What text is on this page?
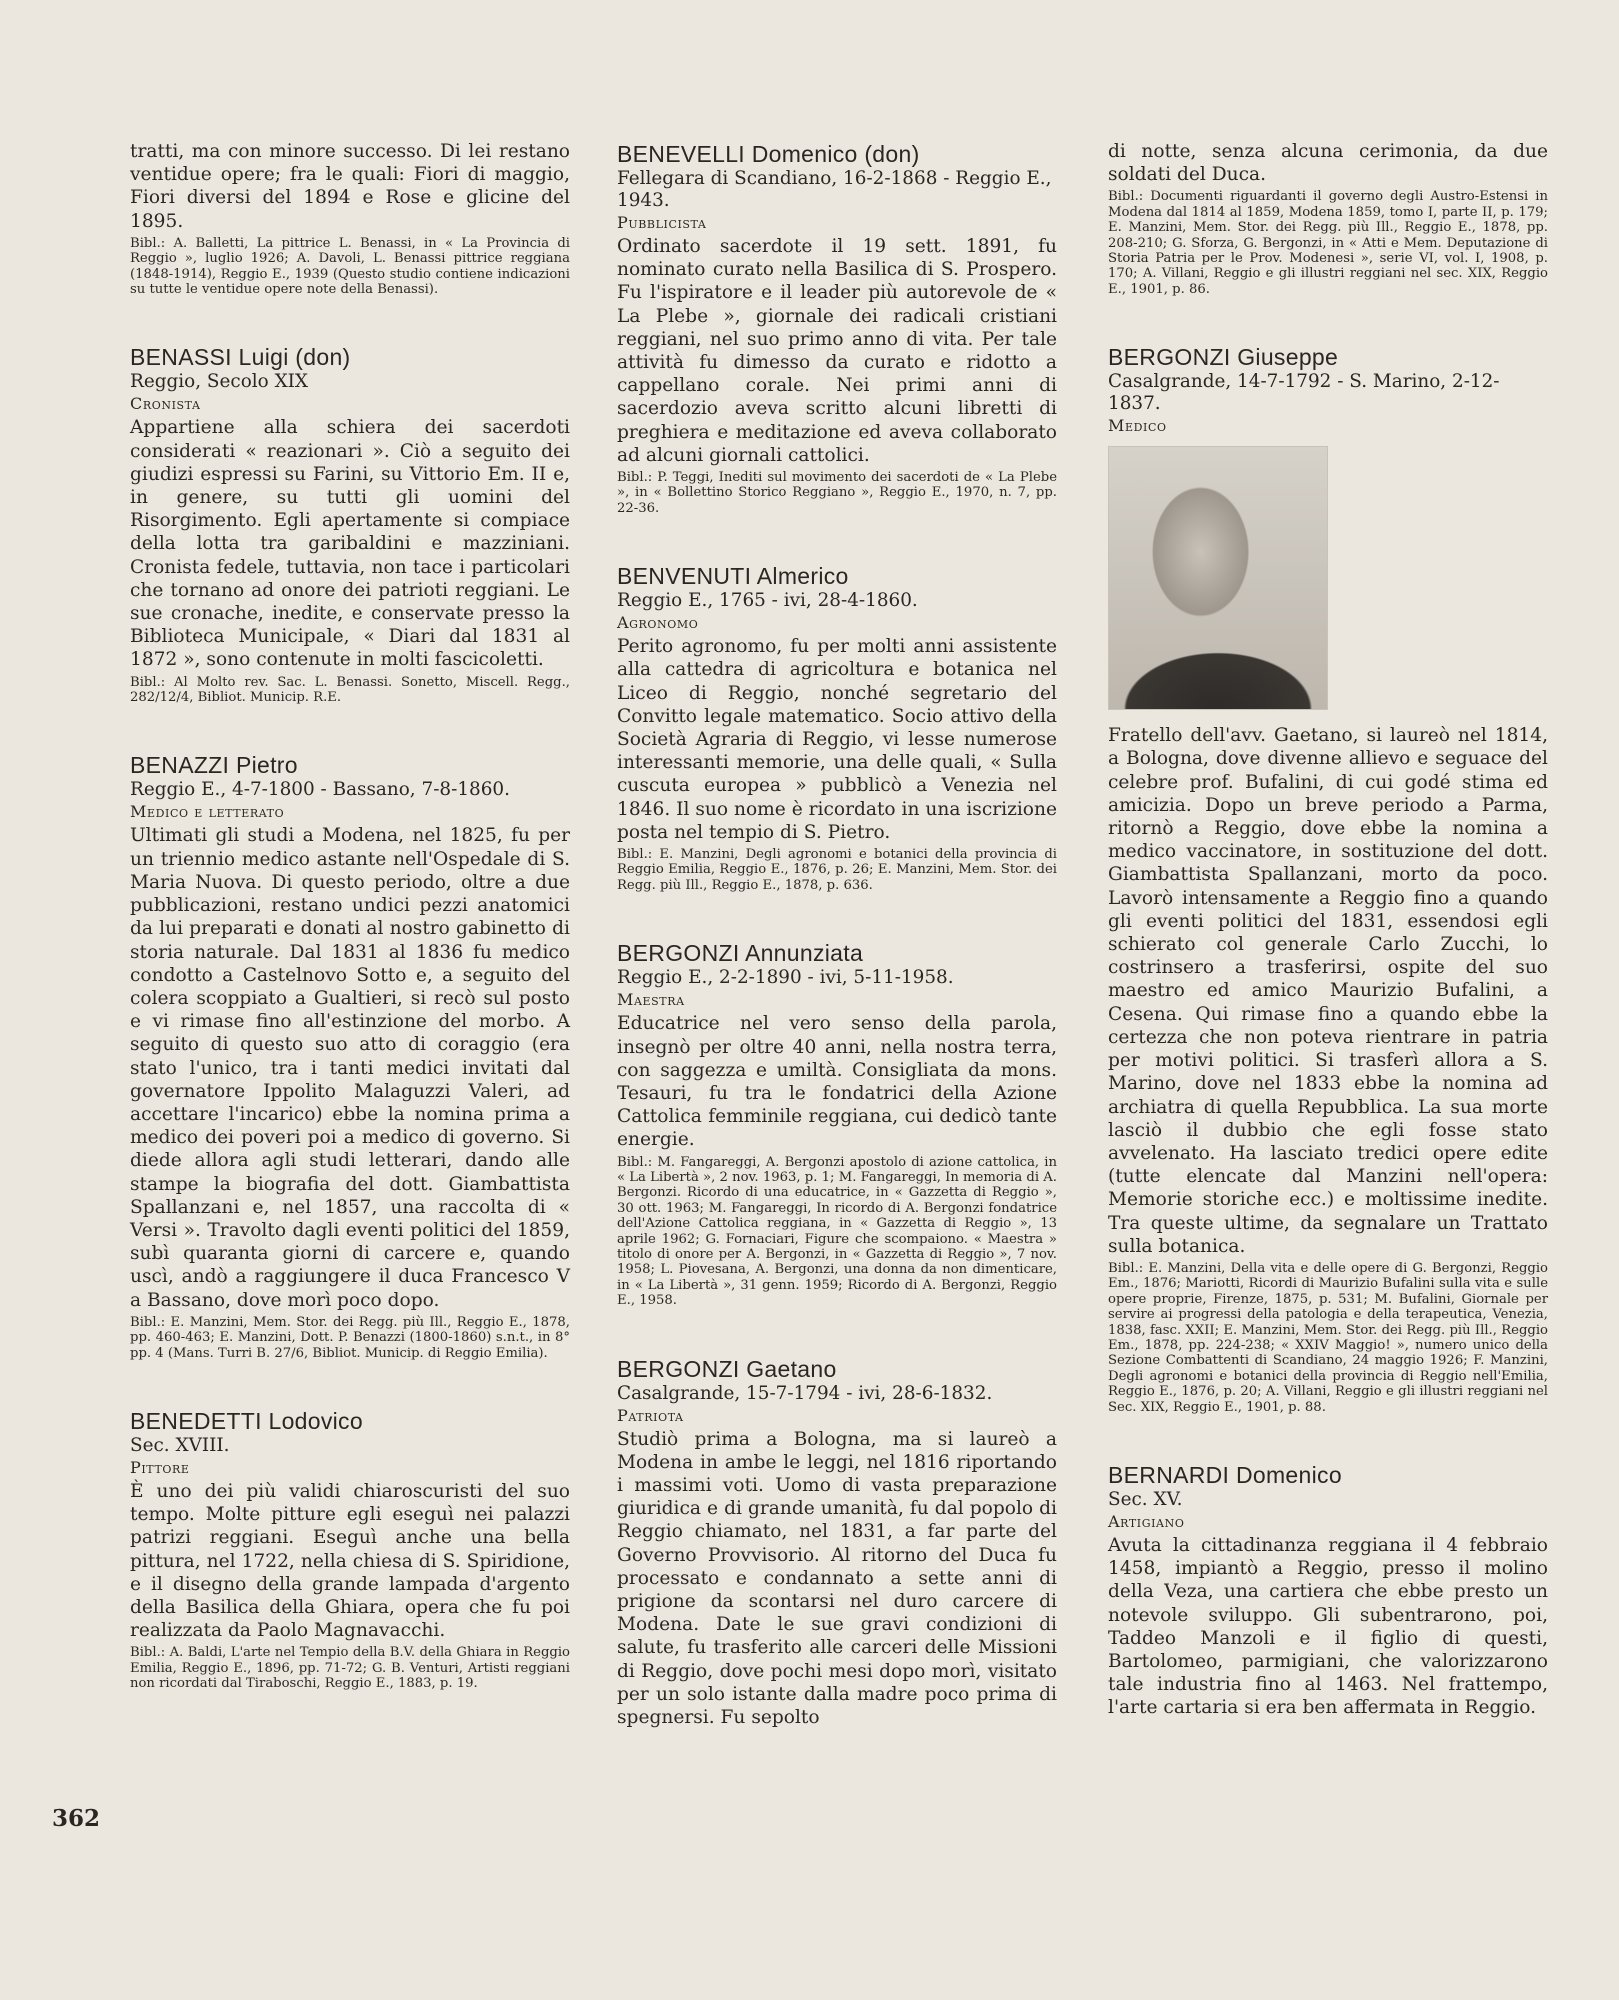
tratti, ma con minore successo. Di lei restano ventidue opere; fra le quali: Fiori di maggio, Fiori diversi del 1894 e Rose e glicine del 1895.

Bibl.: A. Balletti, La pittrice L. Benassi, in « La Provincia di Reggio », luglio 1926; A. Davoli, L. Benassi pittrice reggiana (1848-1914), Reggio E., 1939 (Questo studio contiene indicazioni su tutte le ventidue opere note della Benassi).

BENASSI Luigi (don)

Reggio, Secolo XIX

Cronista

Appartiene alla schiera dei sacerdoti considerati « reazionari ». Ciò a seguito dei giudizi espressi su Farini, su Vittorio Em. II e, in genere, su tutti gli uomini del Risorgimento. Egli apertamente si compiace della lotta tra garibaldini e mazziniani. Cronista fedele, tuttavia, non tace i particolari che tornano ad onore dei patrioti reggiani. Le sue cronache, inedite, e conservate presso la Biblioteca Municipale, « Diari dal 1831 al 1872 », sono contenute in molti fascicoletti.

Bibl.: Al Molto rev. Sac. L. Benassi. Sonetto, Miscell. Regg., 282/12/4, Bibliot. Municip. R.E.

BENAZZI Pietro

Reggio E., 4-7-1800 - Bassano, 7-8-1860.

Medico e letterato

Ultimati gli studi a Modena, nel 1825, fu per un triennio medico astante nell'Ospedale di S. Maria Nuova. Di questo periodo, oltre a due pubblicazioni, restano undici pezzi anatomici da lui preparati e donati al nostro gabinetto di storia naturale. Dal 1831 al 1836 fu medico condotto a Castelnovo Sotto e, a seguito del colera scoppiato a Gualtieri, si recò sul posto e vi rimase fino all'estinzione del morbo. A seguito di questo suo atto di coraggio (era stato l'unico, tra i tanti medici invitati dal governatore Ippolito Malaguzzi Valeri, ad accettare l'incarico) ebbe la nomina prima a medico dei poveri poi a medico di governo. Si diede allora agli studi letterari, dando alle stampe la biografia del dott. Giambattista Spallanzani e, nel 1857, una raccolta di « Versi ». Travolto dagli eventi politici del 1859, subì quaranta giorni di carcere e, quando uscì, andò a raggiungere il duca Francesco V a Bassano, dove morì poco dopo.

Bibl.: E. Manzini, Mem. Stor. dei Regg. più Ill., Reggio E., 1878, pp. 460-463; E. Manzini, Dott. P. Benazzi (1800-1860) s.n.t., in 8° pp. 4 (Mans. Turri B. 27/6, Bibliot. Municip. di Reggio Emilia).

BENEDETTI Lodovico

Sec. XVIII.

Pittore

È uno dei più validi chiaroscuristi del suo tempo. Molte pitture egli eseguì nei palazzi patrizi reggiani. Eseguì anche una bella pittura, nel 1722, nella chiesa di S. Spiridione, e il disegno della grande lampada d'argento della Basilica della Ghiara, opera che fu poi realizzata da Paolo Magnavacchi.

Bibl.: A. Baldi, L'arte nel Tempio della B.V. della Ghiara in Reggio Emilia, Reggio E., 1896, pp. 71-72; G. B. Venturi, Artisti reggiani non ricordati dal Tiraboschi, Reggio E., 1883, p. 19.

BENEVELLI Domenico (don)

Fellegara di Scandiano, 16-2-1868 - Reggio E., 1943.

Pubblicista

Ordinato sacerdote il 19 sett. 1891, fu nominato curato nella Basilica di S. Prospero. Fu l'ispiratore e il leader più autorevole de « La Plebe », giornale dei radicali cristiani reggiani, nel suo primo anno di vita. Per tale attività fu dimesso da curato e ridotto a cappellano corale. Nei primi anni di sacerdozio aveva scritto alcuni libretti di preghiera e meditazione ed aveva collaborato ad alcuni giornali cattolici.

Bibl.: P. Teggi, Inediti sul movimento dei sacerdoti de « La Plebe », in « Bollettino Storico Reggiano », Reggio E., 1970, n. 7, pp. 22-36.

BENVENUTI Almerico

Reggio E., 1765 - ivi, 28-4-1860.

Agronomo

Perito agronomo, fu per molti anni assistente alla cattedra di agricoltura e botanica nel Liceo di Reggio, nonché segretario del Convitto legale matematico. Socio attivo della Società Agraria di Reggio, vi lesse numerose interessanti memorie, una delle quali, « Sulla cuscuta europea » pubblicò a Venezia nel 1846. Il suo nome è ricordato in una iscrizione posta nel tempio di S. Pietro.

Bibl.: E. Manzini, Degli agronomi e botanici della provincia di Reggio Emilia, Reggio E., 1876, p. 26; E. Manzini, Mem. Stor. dei Regg. più Ill., Reggio E., 1878, p. 636.

BERGONZI Annunziata

Reggio E., 2-2-1890 - ivi, 5-11-1958.

Maestra

Educatrice nel vero senso della parola, insegnò per oltre 40 anni, nella nostra terra, con saggezza e umiltà. Consigliata da mons. Tesauri, fu tra le fondatrici della Azione Cattolica femminile reggiana, cui dedicò tante energie.

Bibl.: M. Fangareggi, A. Bergonzi apostolo di azione cattolica, in « La Libertà », 2 nov. 1963, p. 1; M. Fangareggi, In memoria di A. Bergonzi. Ricordo di una educatrice, in « Gazzetta di Reggio », 30 ott. 1963; M. Fangareggi, In ricordo di A. Bergonzi fondatrice dell'Azione Cattolica reggiana, in « Gazzetta di Reggio », 13 aprile 1962; G. Fornaciari, Figure che scompaiono. « Maestra » titolo di onore per A. Bergonzi, in « Gazzetta di Reggio », 7 nov. 1958; L. Piovesana, A. Bergonzi, una donna da non dimenticare, in « La Libertà », 31 genn. 1959; Ricordo di A. Bergonzi, Reggio E., 1958.

BERGONZI Gaetano

Casalgrande, 15-7-1794 - ivi, 28-6-1832.

Patriota

Studiò prima a Bologna, ma si laureò a Modena in ambe le leggi, nel 1816 riportando i massimi voti. Uomo di vasta preparazione giuridica e di grande umanità, fu dal popolo di Reggio chiamato, nel 1831, a far parte del Governo Provvisorio. Al ritorno del Duca fu processato e condannato a sette anni di prigione da scontarsi nel duro carcere di Modena. Date le sue gravi condizioni di salute, fu trasferito alle carceri delle Missioni di Reggio, dove pochi mesi dopo morì, visitato per un solo istante dalla madre poco prima di spegnersi. Fu sepolto

di notte, senza alcuna cerimonia, da due soldati del Duca.

Bibl.: Documenti riguardanti il governo degli Austro-Estensi in Modena dal 1814 al 1859, Modena 1859, tomo I, parte II, p. 179; E. Manzini, Mem. Stor. dei Regg. più Ill., Reggio E., 1878, pp. 208-210; G. Sforza, G. Bergonzi, in « Atti e Mem. Deputazione di Storia Patria per le Prov. Modenesi », serie VI, vol. I, 1908, p. 170; A. Villani, Reggio e gli illustri reggiani nel sec. XIX, Reggio E., 1901, p. 86.

BERGONZI Giuseppe

Casalgrande, 14-7-1792 - S. Marino, 2-12-1837.

Medico

Fratello dell'avv. Gaetano, si laureò nel 1814, a Bologna, dove divenne allievo e seguace del celebre prof. Bufalini, di cui godé stima ed amicizia. Dopo un breve periodo a Parma, ritornò a Reggio, dove ebbe la nomina a medico vaccinatore, in sostituzione del dott. Giambattista Spallanzani, morto da poco. Lavorò intensamente a Reggio fino a quando gli eventi politici del 1831, essendosi egli schierato col generale Carlo Zucchi, lo costrinsero a trasferirsi, ospite del suo maestro ed amico Maurizio Bufalini, a Cesena. Qui rimase fino a quando ebbe la certezza che non poteva rientrare in patria per motivi politici. Si trasferì allora a S. Marino, dove nel 1833 ebbe la nomina ad archiatra di quella Repubblica. La sua morte lasciò il dubbio che egli fosse stato avvelenato. Ha lasciato tredici opere edite (tutte elencate dal Manzini nell'opera: Memorie storiche ecc.) e moltissime inedite. Tra queste ultime, da segnalare un Trattato sulla botanica.

Bibl.: E. Manzini, Della vita e delle opere di G. Bergonzi, Reggio Em., 1876; Mariotti, Ricordi di Maurizio Bufalini sulla vita e sulle opere proprie, Firenze, 1875, p. 531; M. Bufalini, Giornale per servire ai progressi della patologia e della terapeutica, Venezia, 1838, fasc. XXII; E. Manzini, Mem. Stor. dei Regg. più Ill., Reggio Em., 1878, pp. 224-238; « XXIV Maggio! », numero unico della Sezione Combattenti di Scandiano, 24 maggio 1926; F. Manzini, Degli agronomi e botanici della provincia di Reggio nell'Emilia, Reggio E., 1876, p. 20; A. Villani, Reggio e gli illustri reggiani nel Sec. XIX, Reggio E., 1901, p. 88.

BERNARDI Domenico

Sec. XV.

Artigiano

Avuta la cittadinanza reggiana il 4 febbraio 1458, impiantò a Reggio, presso il molino della Veza, una cartiera che ebbe presto un notevole sviluppo. Gli subentrarono, poi, Taddeo Manzoli e il figlio di questi, Bartolomeo, parmigiani, che valorizzarono tale industria fino al 1463. Nel frattempo, l'arte cartaria si era ben affermata in Reggio.

362
